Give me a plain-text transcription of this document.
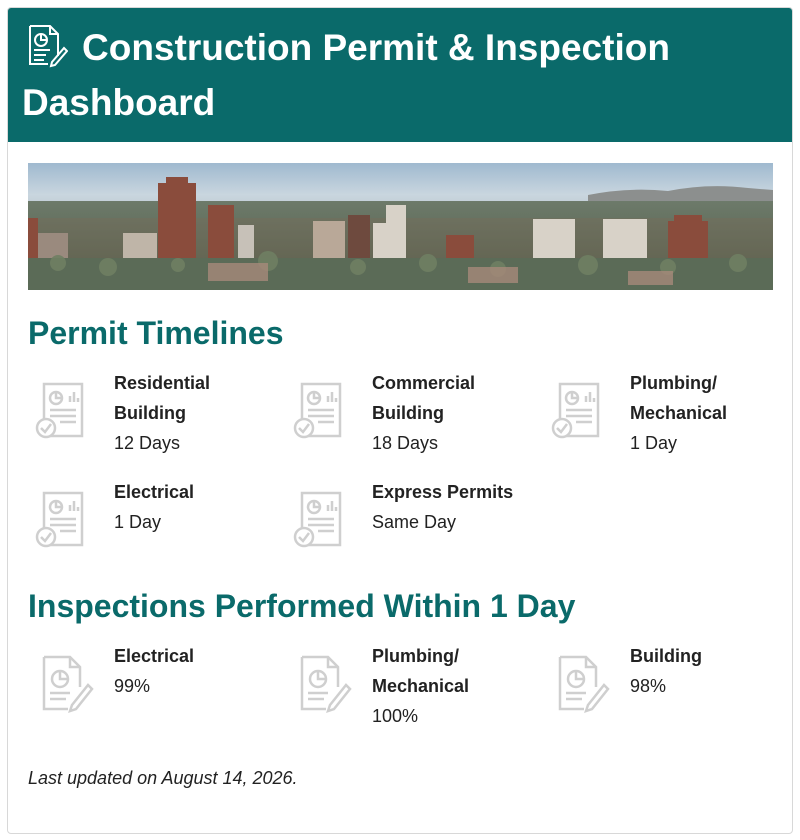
Construction Permit & Inspection Dashboard
Permit Timelines
Residential Building
12 Days
Commercial Building
18 Days
Plumbing/ Mechanical
1 Day
Electrical
1 Day
Express Permits
Same Day
Inspections Performed Within 1 Day
Electrical
99%
Plumbing/ Mechanical
100%
Building
98%

Last updated on August 14, 2026.
